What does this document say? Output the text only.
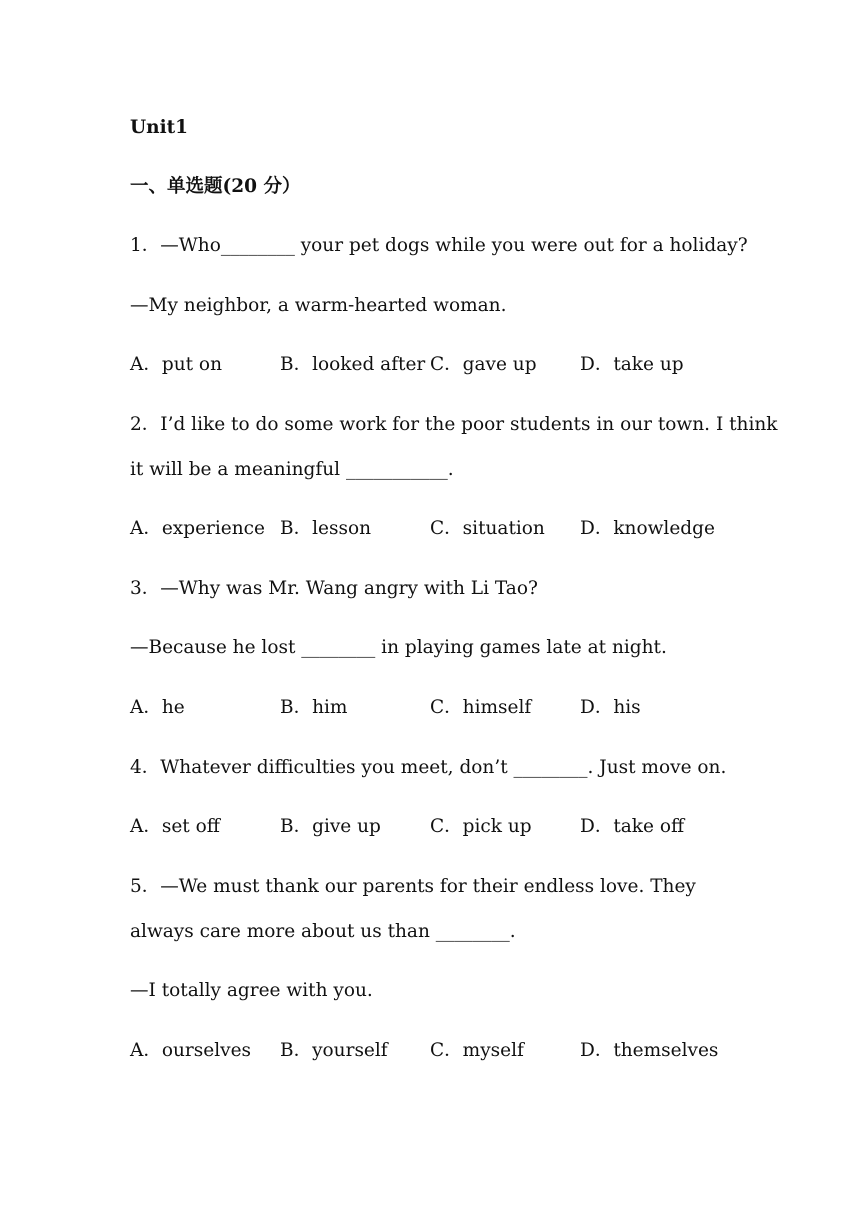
Unit1
一、单选题(20 分）
1．—Who________ your pet dogs while you were out for a holiday?
—My neighbor, a warm-hearted woman.
A．put on	B．looked after C．gave up D．take up
2．I’d like to do some work for the poor students in our town. I think
it will be a meaningful ___________.
A．experience B．lesson	C．situation D．knowledge
3．—Why was Mr. Wang angry with Li Tao?
—Because he lost ________ in playing games late at night.
A．he	B．him	C．himself	D．his
4．Whatever difficulties you meet, don’t ________. Just move on.
A．set off	B．give up	C．pick up	D．take off
5．—We must thank our parents for their endless love. They
always care more about us than ________.
—I totally agree with you.
A．ourselves B．yourself C．myself	D．themselves
